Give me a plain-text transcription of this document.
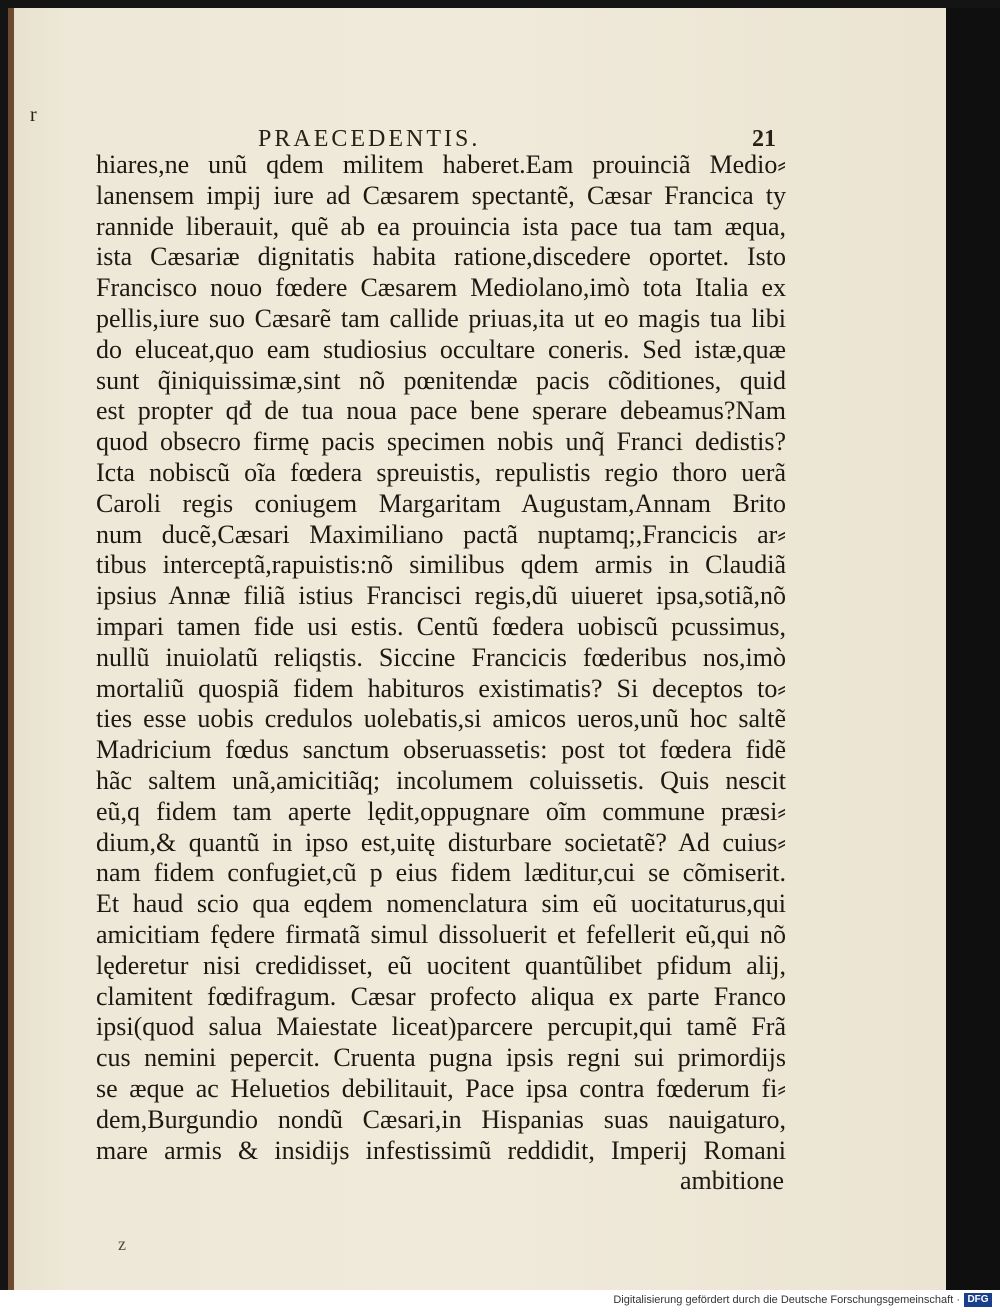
r
PRAECEDENTIS.	21
hiares,ne unũ qdem militem haberet.Eam prouinciã Medio⸗
lanensem impij iure ad Cæsarem spectantẽ, Cæsar Francica ty
rannide liberauit, quẽ ab ea prouincia ista pace tua tam æqua,
ista Cæsariæ dignitatis habita ratione,discedere oportet. Isto
Francisco nouo fœdere Cæsarem Mediolano,imò tota Italia ex
pellis,iure suo Cæsarẽ tam callide priuas,ita ut eo magis tua libi
do eluceat,quo eam studiosius occultare coneris. Sed istæ,quæ
sunt q̃iniquissimæ,sint nõ pœnitendæ pacis cõditiones, quid
est propter qđ de tua noua pace bene sperare debeamus?Nam
quod obsecro firmę pacis specimen nobis unq̃ Franci dedistis?
Icta nobiscũ oĩa fœdera spreuistis, repulistis regio thoro uerã
Caroli regis coniugem Margaritam Augustam,Annam Brito
num ducẽ,Cæsari Maximiliano pactã nuptamq;,Francicis ar⸗
tibus interceptã,rapuistis:nõ similibus qdem armis in Claudiã
ipsius Annæ filiã istius Francisci regis,dũ uiueret ipsa,sotiã,nõ
impari tamen fide usi estis. Centũ fœdera uobiscũ pcussimus,
nullũ inuiolatũ reliqstis. Siccine Francicis fœderibus nos,imò
mortaliũ quospiã fidem habituros existimatis? Si deceptos to⸗
ties esse uobis credulos uolebatis,si amicos ueros,unũ hoc saltẽ
Madricium fœdus sanctum obseruassetis: post tot fœdera fidẽ
hãc saltem unã,amicitiãq; incolumem coluissetis. Quis nescit
eũ,q fidem tam aperte lędit,oppugnare oĩm commune præsi⸗
dium,& quantũ in ipso est,uitę disturbare societatẽ? Ad cuius⸗
nam fidem confugiet,cũ p eius fidem læditur,cui se cõmiserit.
Et haud scio qua eqdem nomenclatura sim eũ uocitaturus,qui
amicitiam fędere firmatã simul dissoluerit et fefellerit eũ,qui nõ
lęderetur nisi credidisset, eũ uocitent quantũlibet pfidum alij,
clamitent fœdifragum. Cæsar profecto aliqua ex parte Franco
ipsi(quod salua Maiestate liceat)parcere percupit,qui tamẽ Frã
cus nemini pepercit. Cruenta pugna ipsis regni sui primordijs
se æque ac Heluetios debilitauit, Pace ipsa contra fœderum fi⸗
dem,Burgundio nondũ Cæsari,in Hispanias suas nauigaturo,
mare armis & insidijs infestissimũ reddidit, Imperij Romani
ambitione
z
Digitalisierung gefördert durch die Deutsche Forschungsgemeinschaft · DFG
